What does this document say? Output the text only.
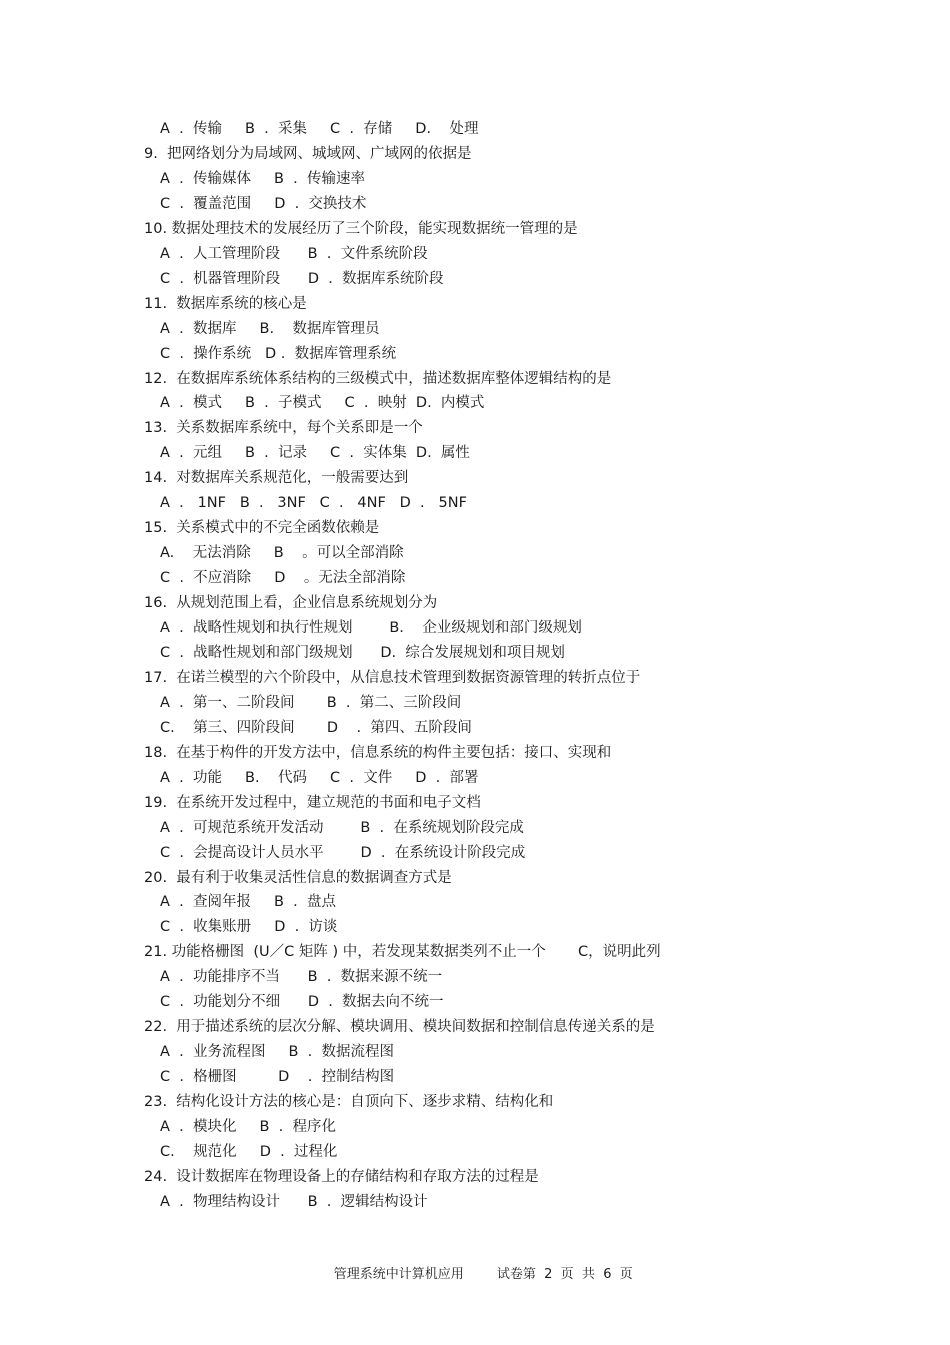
A  .  传输     B  .  采集     C  .  存储     D.    处理
9.  把网络划分为局域网、城域网、广域网的依据是
A  .  传输媒体     B  .  传输速率
C  .  覆盖范围     D  .  交换技术
10. 数据处理技术的发展经历了三个阶段，能实现数据统一管理的是
A  .  人工管理阶段      B  .  文件系统阶段
C  .  机器管理阶段      D  .  数据库系统阶段
11.  数据库系统的核心是
A  .  数据库     B.    数据库管理员
C  .  操作系统   D .  数据库管理系统
12.  在数据库系统体系结构的三级模式中，描述数据库整体逻辑结构的是
A  .  模式     B  .  子模式     C  .  映射  D.  内模式
13.  关系数据库系统中，每个关系即是一个
A  .  元组     B  .  记录     C  .  实体集  D.  属性
14.  对数据库关系规范化，一般需要达到
A  .   1NF   B  .   3NF   C  .   4NF   D  .   5NF
15.  关系模式中的不完全函数依赖是
A.    无法消除     B    。可以全部消除
C  .  不应消除     D    。无法全部消除
16.  从规划范围上看，企业信息系统规划分为
A  .  战略性规划和执行性规划        B.    企业级规划和部门级规划
C  .  战略性规划和部门级规划      D.  综合发展规划和项目规划
17.  在诺兰模型的六个阶段中，从信息技术管理到数据资源管理的转折点位于
A  .  第一、二阶段间       B  .  第二、三阶段间
C.    第三、四阶段间       D    .  第四、五阶段间
18.  在基于构件的开发方法中，信息系统的构件主要包括：接口、实现和
A  .  功能     B.    代码     C  .  文件     D  .  部署
19.  在系统开发过程中，建立规范的书面和电子文档
A  .  可规范系统开发活动        B  .  在系统规划阶段完成
C  .  会提高设计人员水平        D  .  在系统设计阶段完成
20.  最有利于收集灵活性信息的数据调查方式是
A  .  查阅年报     B  .  盘点
C  .  收集账册     D  .  访谈
21. 功能格栅图  (U／C 矩阵 ) 中，若发现某数据类列不止一个       C，说明此列
A  .  功能排序不当      B  .  数据来源不统一
C  .  功能划分不细      D  .  数据去向不统一
22.  用于描述系统的层次分解、模块调用、模块间数据和控制信息传递关系的是
A  .  业务流程图     B  .  数据流程图
C  .  格栅图         D    .  控制结构图
23.  结构化设计方法的核心是：自顶向下、逐步求精、结构化和
A  .  模块化     B  .  程序化
C.    规范化     D  .  过程化
24.  设计数据库在物理设备上的存储结构和存取方法的过程是
A  .  物理结构设计      B  .  逻辑结构设计

管理系统中计算机应用	试卷第  2  页  共  6  页
